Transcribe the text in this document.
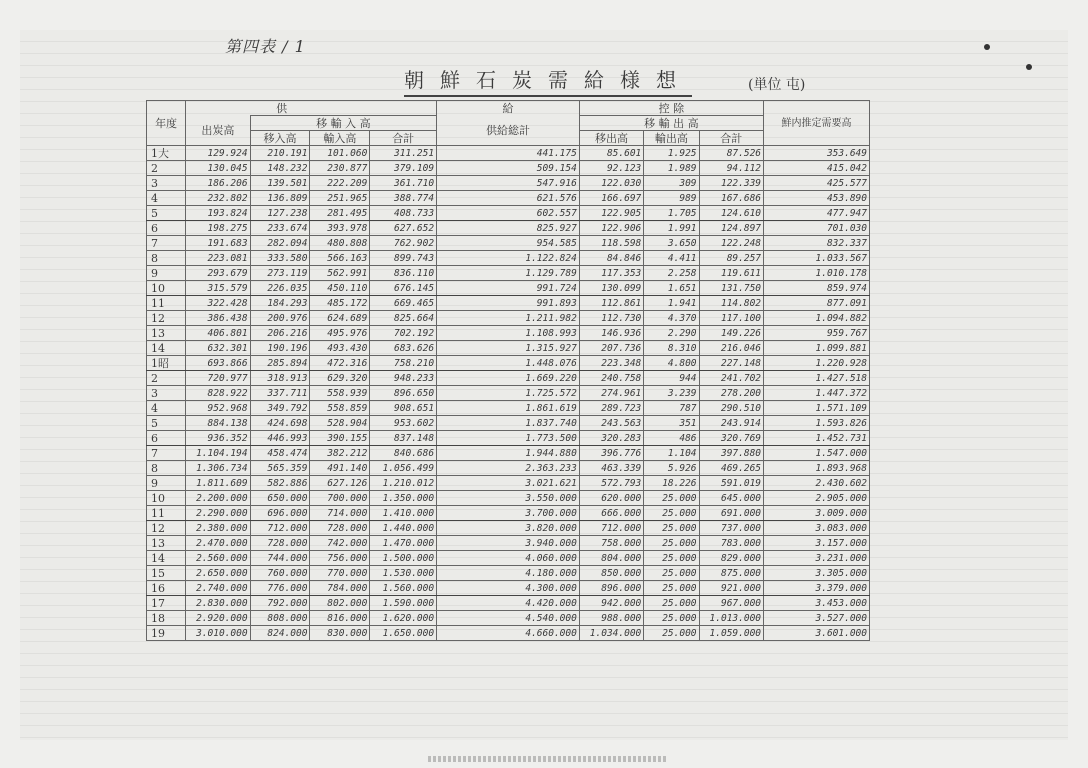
第四表 / 1
朝鮮石炭需給様想	(単位 屯)
年度	供				給	控 除			鮮内推定需要高
	出炭高	移 輸 入 高			供給総計	移 輸 出 高			
		移入高	輸入高	合計		移出高	輸出高	合計	
1大	129.924	210.191	101.060	311.251	441.175	85.601	1.925	87.526	353.649
2	130.045	148.232	230.877	379.109	509.154	92.123	1.989	94.112	415.042
3	186.206	139.501	222.209	361.710	547.916	122.030	309	122.339	425.577
4	232.802	136.809	251.965	388.774	621.576	166.697	989	167.686	453.890
5	193.824	127.238	281.495	408.733	602.557	122.905	1.705	124.610	477.947
6	198.275	233.674	393.978	627.652	825.927	122.906	1.991	124.897	701.030
7	191.683	282.094	480.808	762.902	954.585	118.598	3.650	122.248	832.337
8	223.081	333.580	566.163	899.743	1.122.824	84.846	4.411	89.257	1.033.567
9	293.679	273.119	562.991	836.110	1.129.789	117.353	2.258	119.611	1.010.178
10	315.579	226.035	450.110	676.145	991.724	130.099	1.651	131.750	859.974
11	322.428	184.293	485.172	669.465	991.893	112.861	1.941	114.802	877.091
12	386.438	200.976	624.689	825.664	1.211.982	112.730	4.370	117.100	1.094.882
13	406.801	206.216	495.976	702.192	1.108.993	146.936	2.290	149.226	959.767
14	632.301	190.196	493.430	683.626	1.315.927	207.736	8.310	216.046	1.099.881
1昭	693.866	285.894	472.316	758.210	1.448.076	223.348	4.800	227.148	1.220.928
2	720.977	318.913	629.320	948.233	1.669.220	240.758	944	241.702	1.427.518
3	828.922	337.711	558.939	896.650	1.725.572	274.961	3.239	278.200	1.447.372
4	952.968	349.792	558.859	908.651	1.861.619	289.723	787	290.510	1.571.109
5	884.138	424.698	528.904	953.602	1.837.740	243.563	351	243.914	1.593.826
6	936.352	446.993	390.155	837.148	1.773.500	320.283	486	320.769	1.452.731
7	1.104.194	458.474	382.212	840.686	1.944.880	396.776	1.104	397.880	1.547.000
8	1.306.734	565.359	491.140	1.056.499	2.363.233	463.339	5.926	469.265	1.893.968
9	1.811.609	582.886	627.126	1.210.012	3.021.621	572.793	18.226	591.019	2.430.602
10	2.200.000	650.000	700.000	1.350.000	3.550.000	620.000	25.000	645.000	2.905.000
11	2.290.000	696.000	714.000	1.410.000	3.700.000	666.000	25.000	691.000	3.009.000
12	2.380.000	712.000	728.000	1.440.000	3.820.000	712.000	25.000	737.000	3.083.000
13	2.470.000	728.000	742.000	1.470.000	3.940.000	758.000	25.000	783.000	3.157.000
14	2.560.000	744.000	756.000	1.500.000	4.060.000	804.000	25.000	829.000	3.231.000
15	2.650.000	760.000	770.000	1.530.000	4.180.000	850.000	25.000	875.000	3.305.000
16	2.740.000	776.000	784.000	1.560.000	4.300.000	896.000	25.000	921.000	3.379.000
17	2.830.000	792.000	802.000	1.590.000	4.420.000	942.000	25.000	967.000	3.453.000
18	2.920.000	808.000	816.000	1.620.000	4.540.000	988.000	25.000	1.013.000	3.527.000
19	3.010.000	824.000	830.000	1.650.000	4.660.000	1.034.000	25.000	1.059.000	3.601.000
